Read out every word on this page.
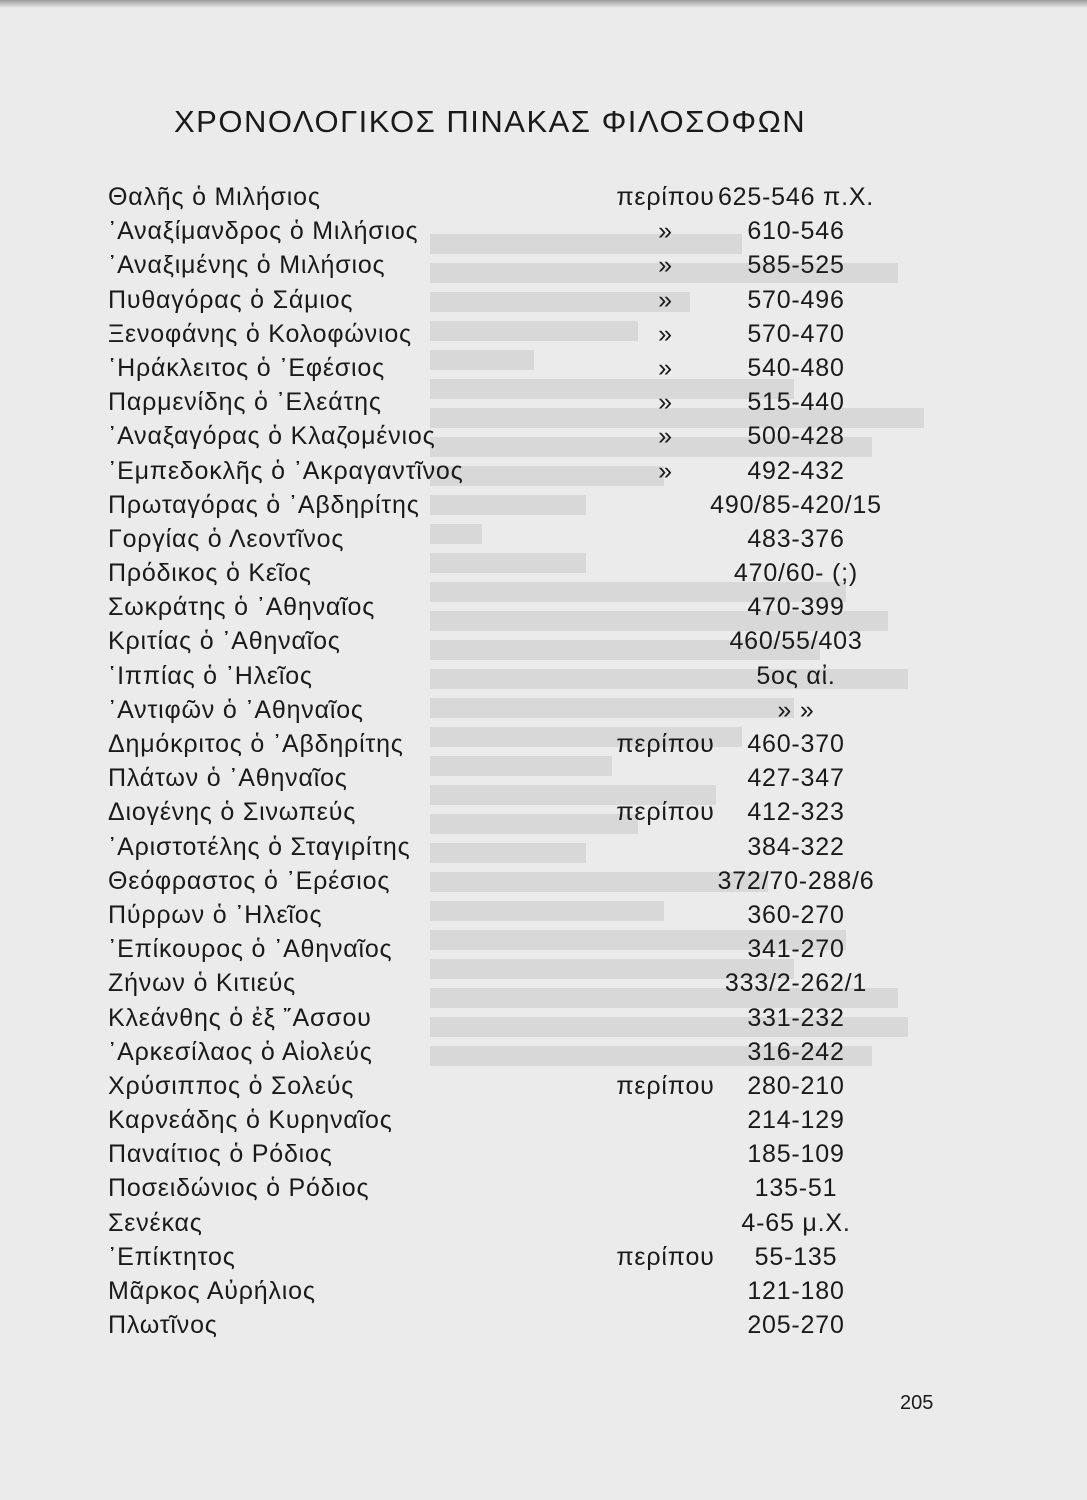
ΧΡΟΝΟΛΟΓΙΚΟΣ ΠΙΝΑΚΑΣ ΦΙΛΟΣΟΦΩΝ
Θαλῆς ὁ Μιλήσιος	περίπου 625-546 π.Χ.
᾽Αναξίμανδρος ὁ Μιλήσιος	»	610-546
᾽Αναξιμένης ὁ Μιλήσιος	»	585-525
Πυθαγόρας ὁ Σάμιος	»	570-496
Ξενοφάνης ὁ Κολοφώνιος	»	570-470
῾Ηράκλειτος ὁ ᾽Εφέσιος	»	540-480
Παρμενίδης ὁ ᾽Ελεάτης	»	515-440
᾽Αναξαγόρας ὁ Κλαζομένιος	»	500-428
᾽Εμπεδοκλῆς ὁ ᾽Ακραγαντῖνος	»	492-432
Πρωταγόρας ὁ ᾽Αβδηρίτης	490/85-420/15
Γοργίας ὁ Λεοντῖνος	483-376
Πρόδικος ὁ Κεῖος	470/60- (;)
Σωκράτης ὁ ᾽Αθηναῖος	470-399
Κριτίας ὁ ᾽Αθηναῖος	460/55/403
῾Ιππίας ὁ ᾽Ηλεῖος	5ος αἰ.
᾽Αντιφῶν ὁ ᾽Αθηναῖος	» »
Δημόκριτος ὁ ᾽Αβδηρίτης	περίπου	460-370
Πλάτων ὁ ᾽Αθηναῖος	427-347
Διογένης ὁ Σινωπεύς	περίπου	412-323
᾽Αριστοτέλης ὁ Σταγιρίτης	384-322
Θεόφραστος ὁ ᾽Ερέσιος	372/70-288/6
Πύρρων ὁ ᾽Ηλεῖος	360-270
᾽Επίκουρος ὁ ᾽Αθηναῖος	341-270
Ζήνων ὁ Κιτιεύς	333/2-262/1
Κλεάνθης ὁ ἐξ ῎Ασσου	331-232
᾽Αρκεσίλαος ὁ Αἰολεύς	316-242
Χρύσιππος ὁ Σολεύς	περίπου	280-210
Καρνεάδης ὁ Κυρηναῖος	214-129
Παναίτιος ὁ Ρόδιος	185-109
Ποσειδώνιος ὁ Ρόδιος	135-51
Σενέκας	4-65 μ.Χ.
᾽Επίκτητος	περίπου	55-135
Μᾶρκος Αὐρήλιος	121-180
Πλωτῖνος	205-270
205
